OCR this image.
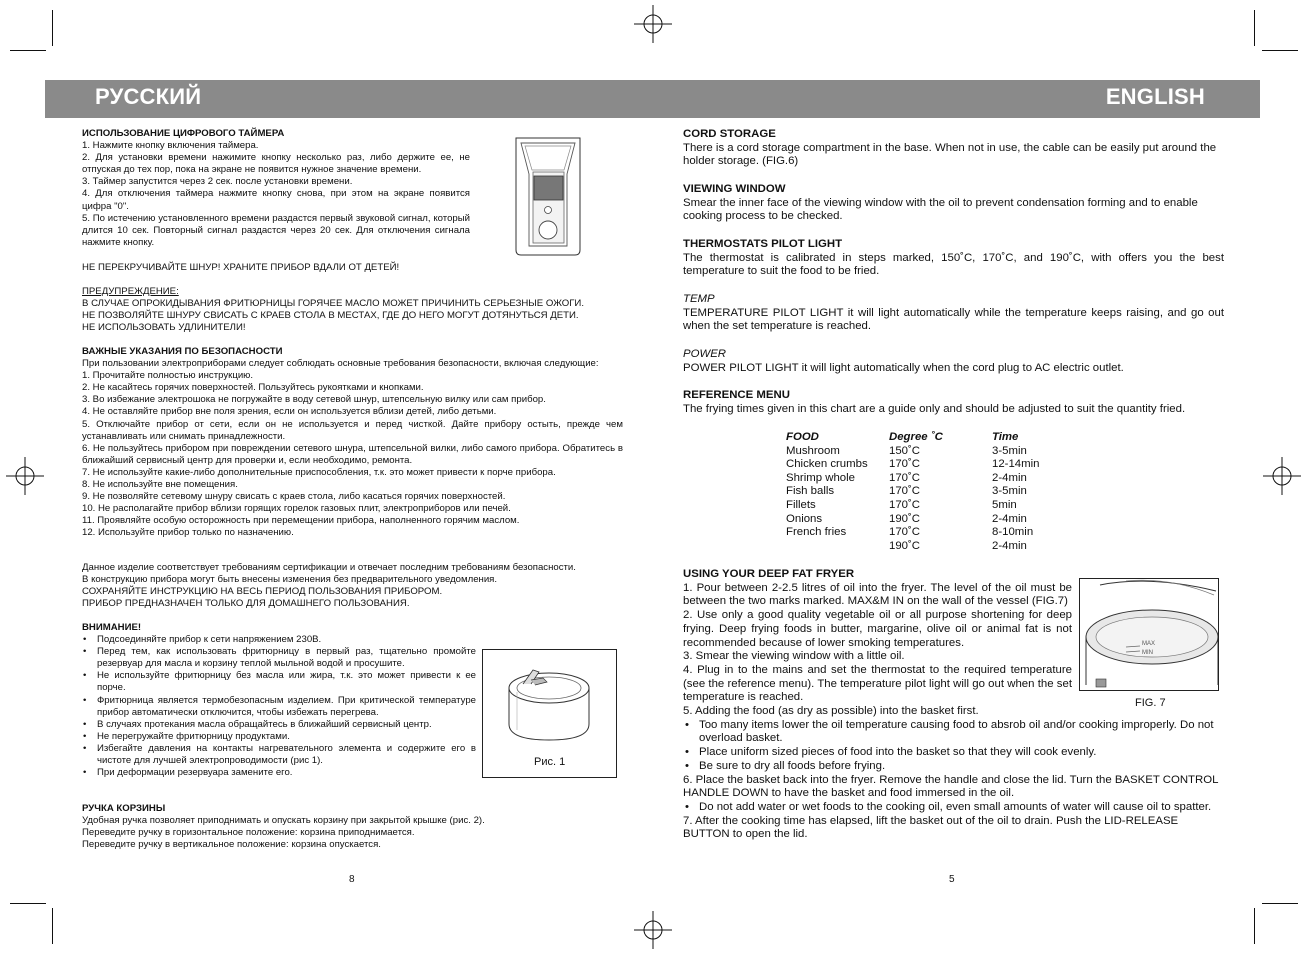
РУССКИЙ	ENGLISH

ИСПОЛЬЗОВАНИЕ ЦИФРОВОГО ТАЙМЕРА

1. Нажмите кнопку включения таймера.

2. Для установки времени нажимите кнопку несколько раз, либо держите ее, не отпуская до тех пор, пока на экране не появится нужное значение времени.

3. Таймер запустится через 2 сек. после установки времени.

4. Для отключения таймера нажмите кнопку снова, при этом на экране появится цифра "0".

5. По истечению установленного времени раздастся первый звуковой сигнал, который длится 10 сек. Повторный сигнал раздастся через 20 сек. Для отключения сигнала нажмите кнопку.

НЕ ПЕРЕКРУЧИВАЙТЕ ШНУР! ХРАНИТЕ ПРИБОР ВДАЛИ ОТ ДЕТЕЙ!

ПРЕДУПРЕЖДЕНИЕ:

В СЛУЧАЕ ОПРОКИДЫВАНИЯ ФРИТЮРНИЦЫ ГОРЯЧЕЕ МАСЛО МОЖЕТ ПРИЧИНИТЬ СЕРЬЕЗНЫЕ ОЖОГИ.

НЕ ПОЗВОЛЯЙТЕ ШНУРУ СВИСАТЬ С КРАЕВ СТОЛА В МЕСТАХ, ГДЕ ДО НЕГО МОГУТ ДОТЯНУТЬСЯ ДЕТИ.

НЕ ИСПОЛЬЗОВАТЬ УДЛИНИТЕЛИ!

ВАЖНЫЕ УКАЗАНИЯ ПО БЕЗОПАСНОСТИ

При пользовании электроприборами следует соблюдать основные требования безопасности, включая следующие:

1. Прочитайте полностью инструкцию.

2. Не касайтесь горячих поверхностей. Пользуйтесь рукоятками и кнопками.

3. Во избежание электрошока не погружайте в воду сетевой шнур, штепсельную вилку или сам прибор.

4. Не оставляйте прибор вне поля зрения, если он используется вблизи детей, либо детьми.

5. Отключайте прибор от сети, если он не используется и перед чисткой. Дайте прибору остыть, прежде чем устанавливать или снимать принадлежности.

6. Не пользуйтесь прибором при повреждении сетевого шнура, штепсельной вилки, либо самого прибора. Обратитесь в ближайший сервисный центр для проверки и, если необходимо, ремонта.

7. Не используйте какие-либо дополнительные приспособления, т.к. это может привести к порче прибора.

8. Не используйте вне помещения.

9. Не позволяйте сетевому шнуру свисать с краев стола, либо касаться горячих поверхностей.

10. Не располагайте прибор вблизи горящих горелок газовых плит, электроприборов или печей.

11. Проявляйте особую осторожность при перемещении прибора, наполненного горячим маслом.

12. Используйте прибор только по назначению.

Данное изделие соответствует требованиям сертификации и отвечает последним требованиям безопасности.

В конструкцию прибора могут быть внесены изменения без предварительного уведомления.

СОХРАНЯЙТЕ ИНСТРУКЦИЮ НА ВЕСЬ ПЕРИОД ПОЛЬЗОВАНИЯ ПРИБОРОМ.

ПРИБОР ПРЕДНАЗНАЧЕН ТОЛЬКО ДЛЯ ДОМАШНЕГО ПОЛЬЗОВАНИЯ.

ВНИМАНИЕ!

• Подсоединяйте прибор к сети напряжением 230В.
• Перед тем, как использовать фритюрницу в первый раз, тщательно промойте резервуар для масла и корзину теплой мыльной водой и просушите.
• Не используйте фритюрницу без масла или жира, т.к. это может привести к ее порче.
• Фритюрница является термобезопасным изделием. При критической температуре прибор автоматически отключится, чтобы избежать перегрева.
• В случаях протекания масла обращайтесь в ближайший сервисный центр.
• Не перегружайте фритюрницу продуктами.
• Избегайте давления на контакты нагревательного элемента и содержите его в чистоте для лучшей электропроводимости (рис 1).
• При деформации резервуара замените его.
Рис. 1

РУЧКА КОРЗИНЫ

Удобная ручка позволяет приподнимать и опускать корзину при закрытой крышке (рис. 2).

Переведите ручку в горизонтальное положение: корзина приподнимается.

Переведите ручку в вертикальное положение: корзина опускается.

8

CORD STORAGE

There is a cord storage compartment in the base. When not in use, the cable can be easily put around the holder storage. (FIG.6)

VIEWING WINDOW

Smear the inner face of the viewing window with the oil to prevent condensation forming and to enable cooking process to be checked.

THERMOSTATS PILOT LIGHT

The thermostat is calibrated in steps marked, 150˚C, 170˚C, and 190˚C, with offers you the best temperature to suit the food to be fried.

TEMP

TEMPERATURE PILOT LIGHT it will light automatically while the temperature keeps raising, and go out when the set temperature is reached.

POWER

POWER PILOT LIGHT it will light automatically when the cord plug to AC electric outlet.

REFERENCE MENU

The frying times given in this chart are a guide only and should be adjusted to suit the quantity fried.

FOOD	Degree ˚C	Time
Mushroom	150˚C	3-5min
Chicken crumbs	170˚C	12-14min
Shrimp whole	170˚C	2-4min
Fish balls	170˚C	3-5min
Fillets	170˚C	5min
Onions	190˚C	2-4min
French fries	170˚C	8-10min
	190˚C	2-4min

USING YOUR DEEP FAT FRYER

1. Pour between 2-2.5 litres of oil into the fryer. The level of the oil must be between the two marks marked. MAX&M IN on the wall of the vessel (FIG.7)

2. Use only a good quality vegetable oil or all purpose shortening for deep frying. Deep frying foods in butter, margarine, olive oil or animal fat is not recommended because of lower smoking temperatures.

3. Smear the viewing window with a little oil.

4. Plug in to the mains and set the thermostat to the required temperature (see the reference menu). The temperature pilot light will go out when the set temperature is reached.

5. Adding the food (as dry as possible) into the basket first.

• Too many items lower the oil temperature causing food to absrob oil and/or cooking improperly. Do not overload basket.
• Place uniform sized pieces of food into the basket so that they will cook evenly.
• Be sure to dry all foods before frying.

6. Place the basket back into the fryer. Remove the handle and close the lid. Turn the BASKET CONTROL HANDLE DOWN to have the basket and food immersed in the oil.

• Do not add water or wet foods to the cooking oil, even small amounts of water will cause oil to spatter.

7. After the cooking time has elapsed, lift the basket out of the oil to drain. Push the LID-RELEASE BUTTON to open the lid.

MAX
MIN
FIG. 7
5
